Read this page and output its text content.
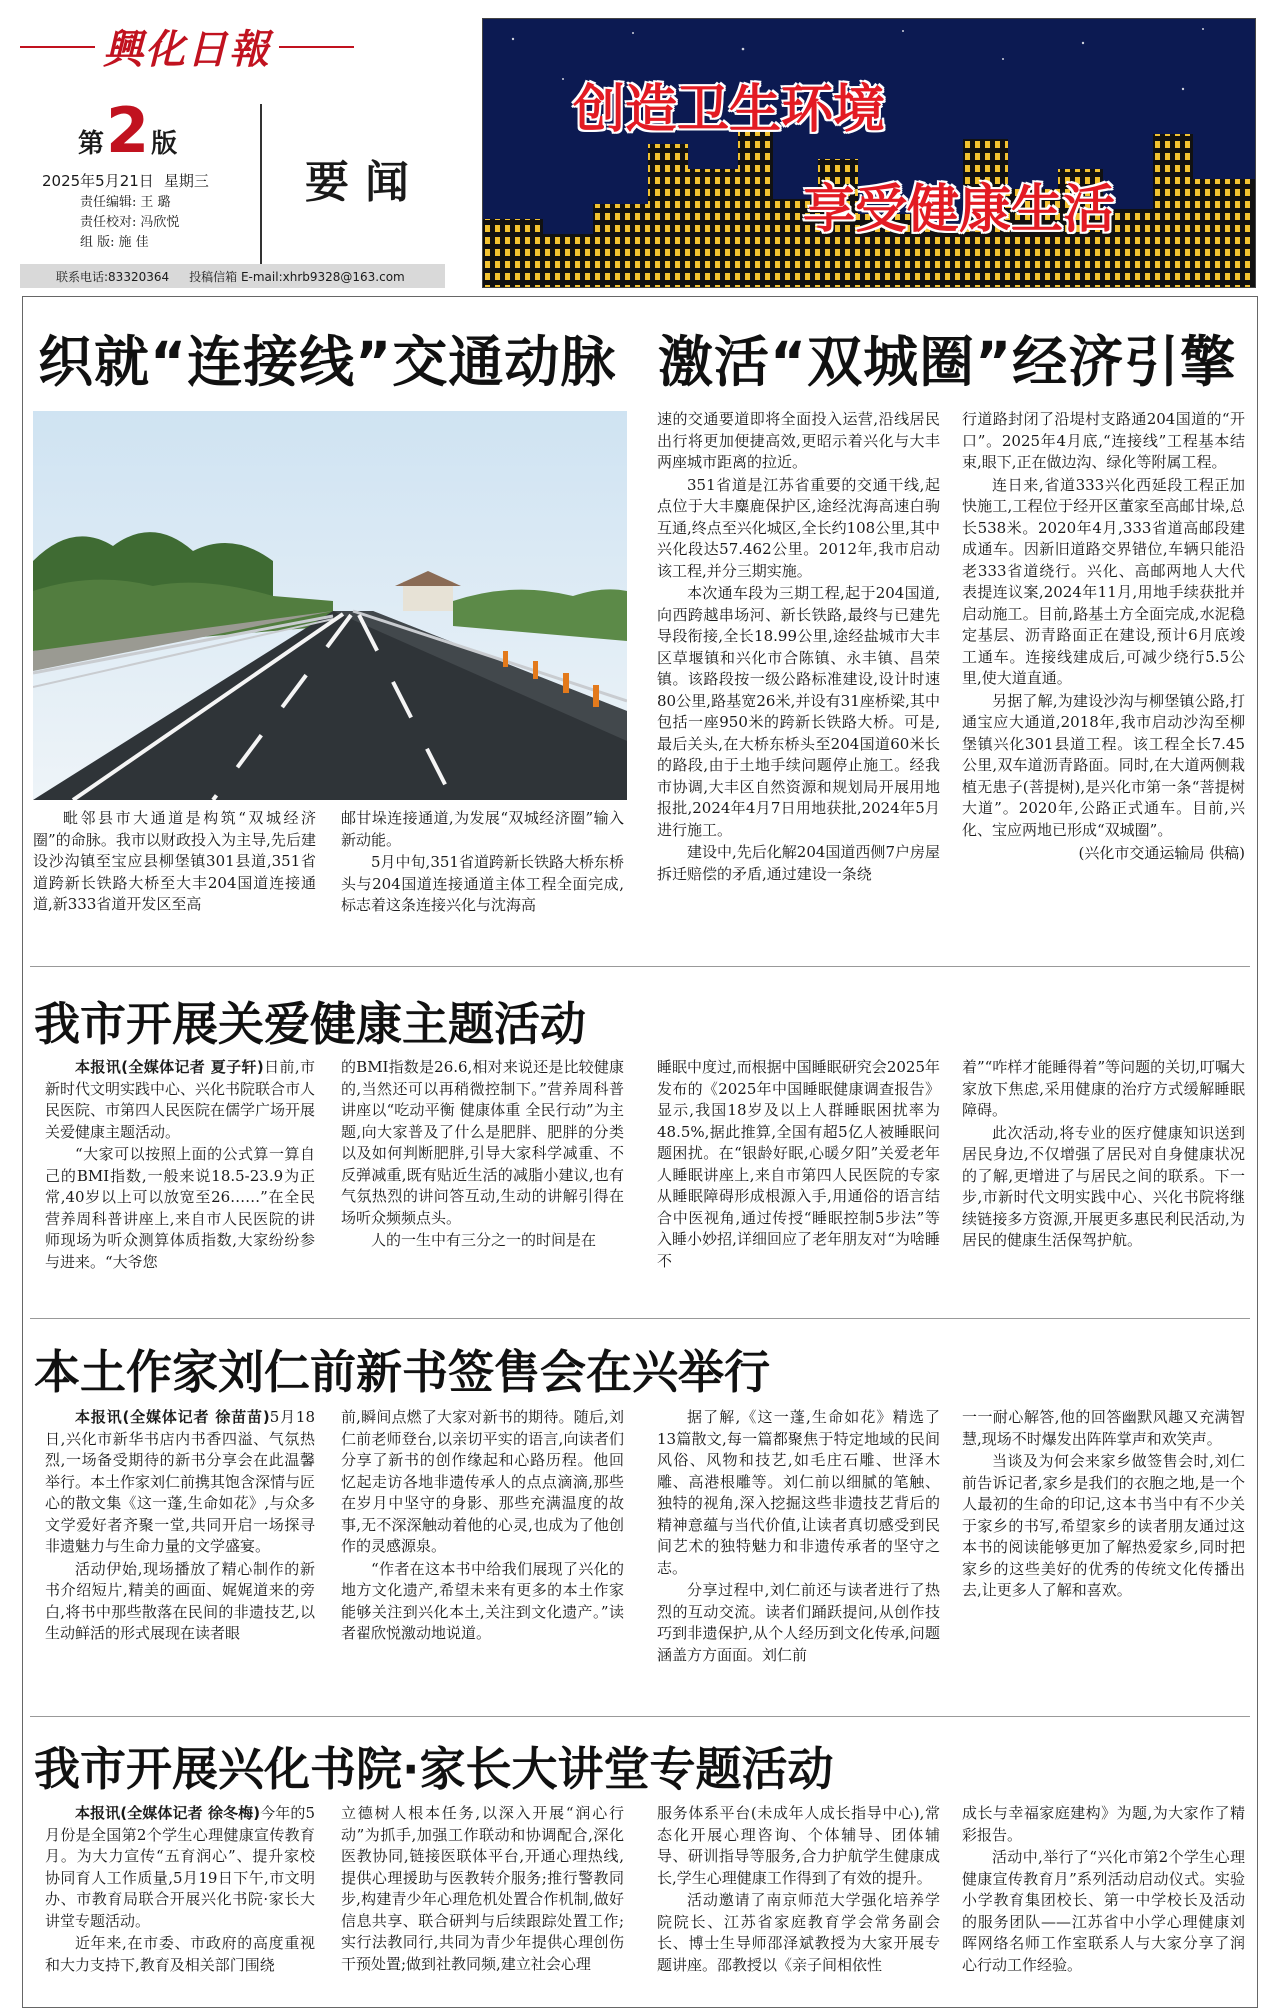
興化日報
第 2 版
2025年5月21日 星期三
责任编辑: 王 璐
责任校对: 冯欣悦
组 版: 施 佳
要闻
联系电话:83320364 投稿信箱 E-mail:xhrb9328@163.com
创造卫生环境
享受健康生活
织就“连接线”交通动脉 激活“双城圈”经济引擎

毗邻县市大通道是构筑“双城经济圈”的命脉。我市以财政投入为主导,先后建设沙沟镇至宝应县柳堡镇301县道,351省道跨新长铁路大桥至大丰204国道连接通道,新333省道开发区至高

邮甘垛连接通道,为发展“双城经济圈”输入新动能。

5月中旬,351省道跨新长铁路大桥东桥头与204国道连接通道主体工程全面完成,标志着这条连接兴化与沈海高

速的交通要道即将全面投入运营,沿线居民出行将更加便捷高效,更昭示着兴化与大丰两座城市距离的拉近。

351省道是江苏省重要的交通干线,起点位于大丰麋鹿保护区,途经沈海高速白驹互通,终点至兴化城区,全长约108公里,其中兴化段达57.462公里。2012年,我市启动该工程,并分三期实施。

本次通车段为三期工程,起于204国道,向西跨越串场河、新长铁路,最终与已建先导段衔接,全长18.99公里,途经盐城市大丰区草堰镇和兴化市合陈镇、永丰镇、昌荣镇。该路段按一级公路标准建设,设计时速80公里,路基宽26米,并设有31座桥梁,其中包括一座950米的跨新长铁路大桥。可是,最后关头,在大桥东桥头至204国道60米长的路段,由于土地手续问题停止施工。经我市协调,大丰区自然资源和规划局开展用地报批,2024年4月7日用地获批,2024年5月进行施工。

建设中,先后化解204国道西侧7户房屋拆迁赔偿的矛盾,通过建设一条绕

行道路封闭了沿堤村支路通204国道的“开口”。2025年4月底,“连接线”工程基本结束,眼下,正在做边沟、绿化等附属工程。

连日来,省道333兴化西延段工程正加快施工,工程位于经开区董家至高邮甘垛,总长538米。2020年4月,333省道高邮段建成通车。因新旧道路交界错位,车辆只能沿老333省道绕行。兴化、高邮两地人大代表提连议案,2024年11月,用地手续获批并启动施工。目前,路基土方全面完成,水泥稳定基层、沥青路面正在建设,预计6月底竣工通车。连接线建成后,可减少绕行5.5公里,使大道直通。

另据了解,为建设沙沟与柳堡镇公路,打通宝应大通道,2018年,我市启动沙沟至柳堡镇兴化301县道工程。该工程全长7.45公里,双车道沥青路面。同时,在大道两侧栽植无患子(菩提树),是兴化市第一条“菩提树大道”。2020年,公路正式通车。目前,兴化、宝应两地已形成“双城圈”。

(兴化市交通运输局 供稿)
我市开展关爱健康主题活动

本报讯(全媒体记者 夏子轩)日前,市新时代文明实践中心、兴化书院联合市人民医院、市第四人民医院在儒学广场开展关爱健康主题活动。

“大家可以按照上面的公式算一算自己的BMI指数,一般来说18.5-23.9为正常,40岁以上可以放宽至26……”在全民营养周科普讲座上,来自市人民医院的讲师现场为听众测算体质指数,大家纷纷参与进来。“大爷您

的BMI指数是26.6,相对来说还是比较健康的,当然还可以再稍微控制下。”营养周科普讲座以“吃动平衡 健康体重 全民行动”为主题,向大家普及了什么是肥胖、肥胖的分类以及如何判断肥胖,引导大家科学减重、不反弹减重,既有贴近生活的减脂小建议,也有气氛热烈的讲问答互动,生动的讲解引得在场听众频频点头。

人的一生中有三分之一的时间是在

睡眠中度过,而根据中国睡眠研究会2025年发布的《2025年中国睡眠健康调查报告》显示,我国18岁及以上人群睡眠困扰率为48.5%,据此推算,全国有超5亿人被睡眠问题困扰。在“银龄好眠,心暖夕阳”关爱老年人睡眠讲座上,来自市第四人民医院的专家从睡眠障碍形成根源入手,用通俗的语言结合中医视角,通过传授“睡眠控制5步法”等入睡小妙招,详细回应了老年朋友对“为啥睡不

着”“咋样才能睡得着”等问题的关切,叮嘱大家放下焦虑,采用健康的治疗方式缓解睡眠障碍。

此次活动,将专业的医疗健康知识送到居民身边,不仅增强了居民对自身健康状况的了解,更增进了与居民之间的联系。下一步,市新时代文明实践中心、兴化书院将继续链接多方资源,开展更多惠民利民活动,为居民的健康生活保驾护航。

本土作家刘仁前新书签售会在兴举行

本报讯(全媒体记者 徐苗苗)5月18日,兴化市新华书店内书香四溢、气氛热烈,一场备受期待的新书分享会在此温馨举行。本土作家刘仁前携其饱含深情与匠心的散文集《这一蓬,生命如花》,与众多文学爱好者齐聚一堂,共同开启一场探寻非遗魅力与生命力量的文学盛宴。

活动伊始,现场播放了精心制作的新书介绍短片,精美的画面、娓娓道来的旁白,将书中那些散落在民间的非遗技艺,以生动鲜活的形式展现在读者眼

前,瞬间点燃了大家对新书的期待。随后,刘仁前老师登台,以亲切平实的语言,向读者们分享了新书的创作缘起和心路历程。他回忆起走访各地非遗传承人的点点滴滴,那些在岁月中坚守的身影、那些充满温度的故事,无不深深触动着他的心灵,也成为了他创作的灵感源泉。

“作者在这本书中给我们展现了兴化的地方文化遗产,希望未来有更多的本土作家能够关注到兴化本土,关注到文化遗产。”读者翟欣悦激动地说道。

据了解,《这一蓬,生命如花》精选了13篇散文,每一篇都聚焦于特定地域的民间风俗、风物和技艺,如毛庄石雕、世泽木雕、高港根雕等。刘仁前以细腻的笔触、独特的视角,深入挖掘这些非遗技艺背后的精神意蕴与当代价值,让读者真切感受到民间艺术的独特魅力和非遗传承者的坚守之志。

分享过程中,刘仁前还与读者进行了热烈的互动交流。读者们踊跃提问,从创作技巧到非遗保护,从个人经历到文化传承,问题涵盖方方面面。刘仁前

一一耐心解答,他的回答幽默风趣又充满智慧,现场不时爆发出阵阵掌声和欢笑声。

当谈及为何会来家乡做签售会时,刘仁前告诉记者,家乡是我们的衣胞之地,是一个人最初的生命的印记,这本书当中有不少关于家乡的书写,希望家乡的读者朋友通过这本书的阅读能够更加了解热爱家乡,同时把家乡的这些美好的优秀的传统文化传播出去,让更多人了解和喜欢。

我市开展兴化书院·家长大讲堂专题活动

本报讯(全媒体记者 徐冬梅)今年的5月份是全国第2个学生心理健康宣传教育月。为大力宣传“五育润心”、提升家校协同育人工作质量,5月19日下午,市文明办、市教育局联合开展兴化书院·家长大讲堂专题活动。

近年来,在市委、市政府的高度重视和大力支持下,教育及相关部门围绕

立德树人根本任务,以深入开展“润心行动”为抓手,加强工作联动和协调配合,深化医教协同,链接医联体平台,开通心理热线,提供心理援助与医教转介服务;推行警教同步,构建青少年心理危机处置合作机制,做好信息共享、联合研判与后续跟踪处置工作;实行法教同行,共同为青少年提供心理创伤干预处置;做到社教同频,建立社会心理

服务体系平台(未成年人成长指导中心),常态化开展心理咨询、个体辅导、团体辅导、研训指导等服务,合力护航学生健康成长,学生心理健康工作得到了有效的提升。

活动邀请了南京师范大学强化培养学院院长、江苏省家庭教育学会常务副会长、博士生导师邵泽斌教授为大家开展专题讲座。邵教授以《亲子间相依性

成长与幸福家庭建构》为题,为大家作了精彩报告。

活动中,举行了“兴化市第2个学生心理健康宣传教育月”系列活动启动仪式。实验小学教育集团校长、第一中学校长及活动的服务团队——江苏省中小学心理健康刘晖网络名师工作室联系人与大家分享了润心行动工作经验。
